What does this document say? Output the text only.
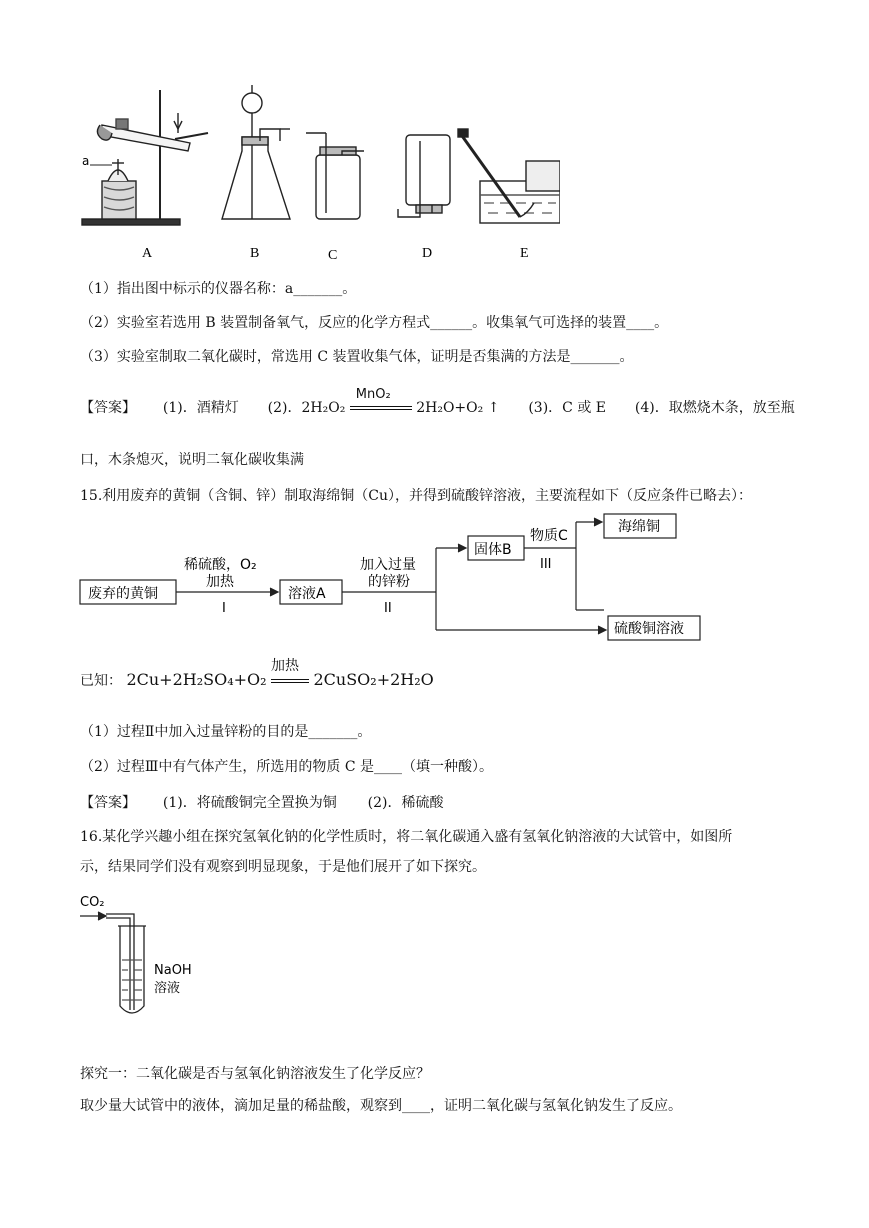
a
A	B	C	D	E
（1）指出图中标示的仪器名称：a_______。
（2）实验室若选用 B 装置制备氧气，反应的化学方程式______。收集氧气可选择的装置____。
（3）实验室制取二氧化碳时，常选用 C 装置收集气体，证明是否集满的方法是_______。
【答案】 (1)．酒精灯 (2)．2H₂O₂
MnO₂
2H₂O+O₂ ↑ (3)．C 或 E (4)．取燃烧木条，放至瓶
口，木条熄灭，说明二氧化碳收集满
15.利用废弃的黄铜（含铜、锌）制取海绵铜（Cu），并得到硫酸锌溶液，主要流程如下（反应条件已略去）：
废弃的黄铜
稀硫酸，O₂
加热
I
溶液A
加入过量
的锌粉
II
固体B
物质C
III
海绵铜
硫酸铜溶液
已知： 2Cu+2H₂SO₄+O₂
加热
2CuSO₂+2H₂O
（1）过程Ⅱ中加入过量锌粉的目的是_______。
（2）过程Ⅲ中有气体产生，所选用的物质 C 是____（填一种酸）。
【答案】 (1)．将硫酸铜完全置换为铜 (2)．稀硫酸
16.某化学兴趣小组在探究氢氧化钠的化学性质时，将二氧化碳通入盛有氢氧化钠溶液的大试管中，如图所
示，结果同学们没有观察到明显现象，于是他们展开了如下探究。
CO₂
NaOH
溶液
探究一：二氧化碳是否与氢氧化钠溶液发生了化学反应？
取少量大试管中的液体，滴加足量的稀盐酸，观察到____，证明二氧化碳与氢氧化钠发生了反应。
